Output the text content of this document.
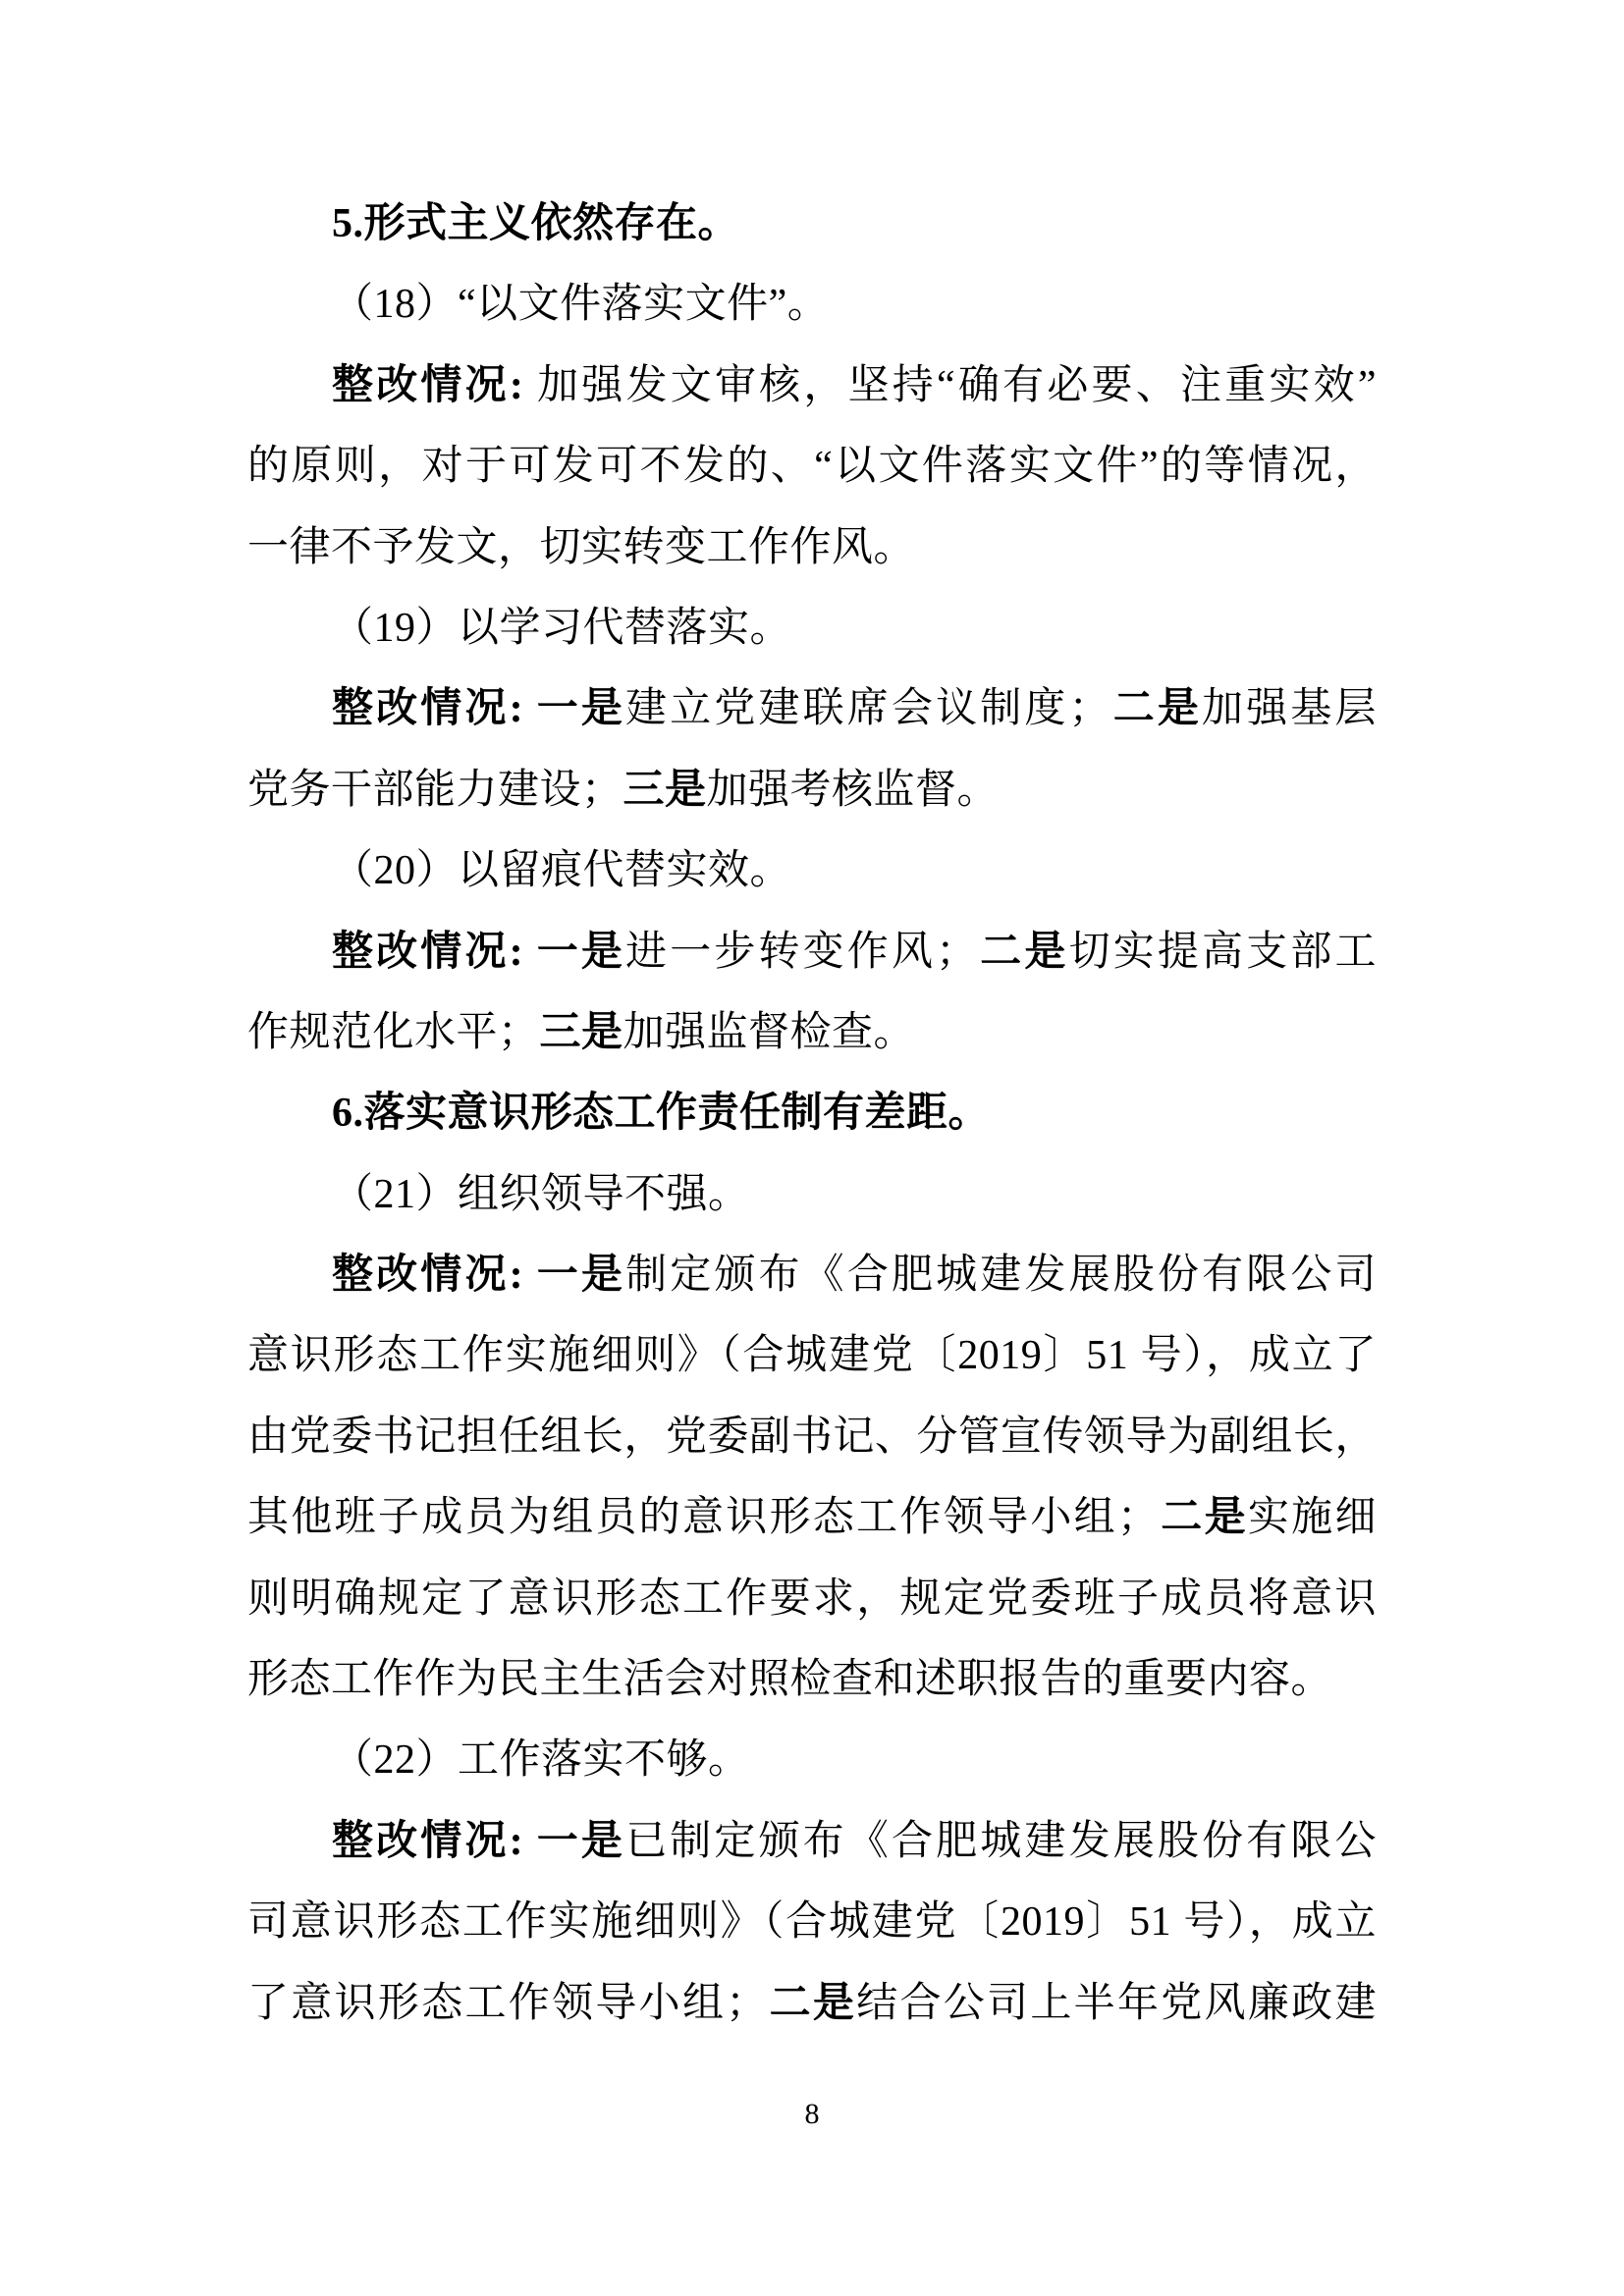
5.形式主义依然存在。
（18）“以文件落实文件”。
整改情况: 加强发文审核，坚持“确有必要、注重实效”
的原则，对于可发可不发的、“以文件落实文件”的等情况，
一律不予发文，切实转变工作作风。
（19）以学习代替落实。
整改情况: 一是建立党建联席会议制度；二是加强基层
党务干部能力建设；三是加强考核监督。
（20）以留痕代替实效。
整改情况: 一是进一步转变作风；二是切实提高支部工
作规范化水平；三是加强监督检查。
6.落实意识形态工作责任制有差距。
（21）组织领导不强。
整改情况: 一是制定颁布《合肥城建发展股份有限公司
意识形态工作实施细则》（合城建党〔2019〕51 号），成立了
由党委书记担任组长，党委副书记、分管宣传领导为副组长，
其他班子成员为组员的意识形态工作领导小组；二是实施细
则明确规定了意识形态工作要求，规定党委班子成员将意识
形态工作作为民主生活会对照检查和述职报告的重要内容。
（22）工作落实不够。
整改情况: 一是已制定颁布《合肥城建发展股份有限公
司意识形态工作实施细则》（合城建党〔2019〕51 号），成立
了意识形态工作领导小组；二是结合公司上半年党风廉政建
8
